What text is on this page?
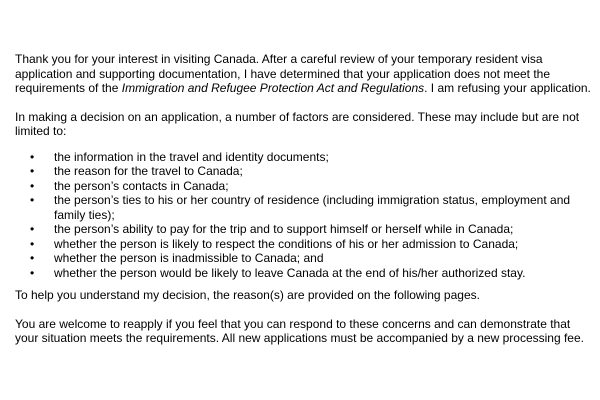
Thank you for your interest in visiting Canada. After a careful review of your temporary resident visa application and supporting documentation, I have determined that your application does not meet the requirements of the Immigration and Refugee Protection Act and Regulations. I am refusing your application.

In making a decision on an application, a number of factors are considered. These may include but are not limited to:

• the information in the travel and identity documents;
• the reason for the travel to Canada;
• the person’s contacts in Canada;
• the person’s ties to his or her country of residence (including immigration status, employment and family ties);
• the person’s ability to pay for the trip and to support himself or herself while in Canada;
• whether the person is likely to respect the conditions of his or her admission to Canada;
• whether the person is inadmissible to Canada; and
• whether the person would be likely to leave Canada at the end of his/her authorized stay.

To help you understand my decision, the reason(s) are provided on the following pages.

You are welcome to reapply if you feel that you can respond to these concerns and can demonstrate that your situation meets the requirements. All new applications must be accompanied by a new processing fee.
